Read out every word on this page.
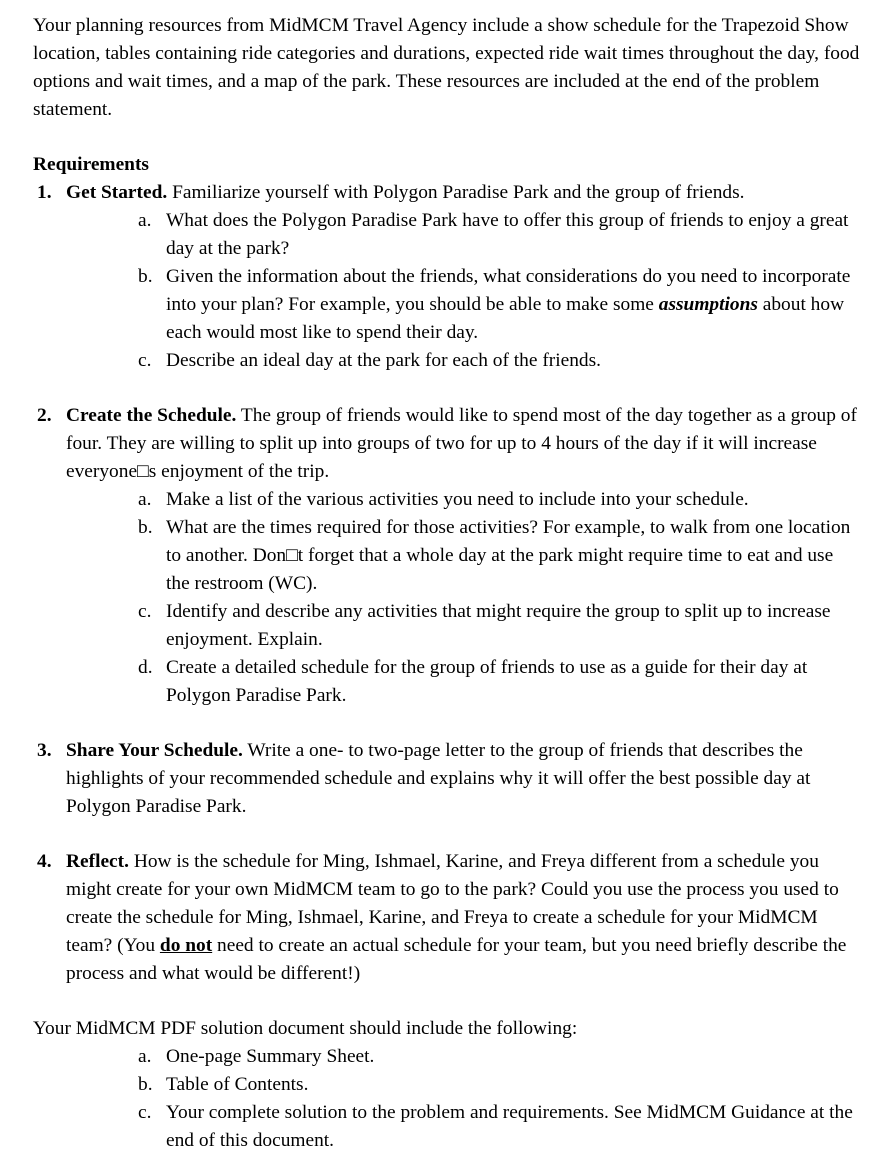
Your planning resources from MidMCM Travel Agency include a show schedule for the Trapezoid Show location, tables containing ride categories and durations, expected ride wait times throughout the day, food options and wait times, and a map of the park. These resources are included at the end of the problem statement.

Requirements

1. Get Started. Familiarize yourself with Polygon Paradise Park and the group of friends.

a. What does the Polygon Paradise Park have to offer this group of friends to enjoy a great day at the park?

b. Given the information about the friends, what considerations do you need to incorporate into your plan? For example, you should be able to make some assumptions about how each would most like to spend their day.

c. Describe an ideal day at the park for each of the friends.

2. Create the Schedule. The group of friends would like to spend most of the day together as a group of four. They are willing to split up into groups of two for up to 4 hours of the day if it will increase everyone□s enjoyment of the trip.

a. Make a list of the various activities you need to include into your schedule.

b. What are the times required for those activities? For example, to walk from one location to another. Don□t forget that a whole day at the park might require time to eat and use the restroom (WC).

c. Identify and describe any activities that might require the group to split up to increase enjoyment. Explain.

d. Create a detailed schedule for the group of friends to use as a guide for their day at Polygon Paradise Park.

3. Share Your Schedule. Write a one- to two-page letter to the group of friends that describes the highlights of your recommended schedule and explains why it will offer the best possible day at Polygon Paradise Park.

4. Reflect. How is the schedule for Ming, Ishmael, Karine, and Freya different from a schedule you might create for your own MidMCM team to go to the park? Could you use the process you used to create the schedule for Ming, Ishmael, Karine, and Freya to create a schedule for your MidMCM team? (You do not need to create an actual schedule for your team, but you need briefly describe the process and what would be different!)

Your MidMCM PDF solution document should include the following:

a. One-page Summary Sheet.

b. Table of Contents.

c. Your complete solution to the problem and requirements. See MidMCM Guidance at the end of this document.
